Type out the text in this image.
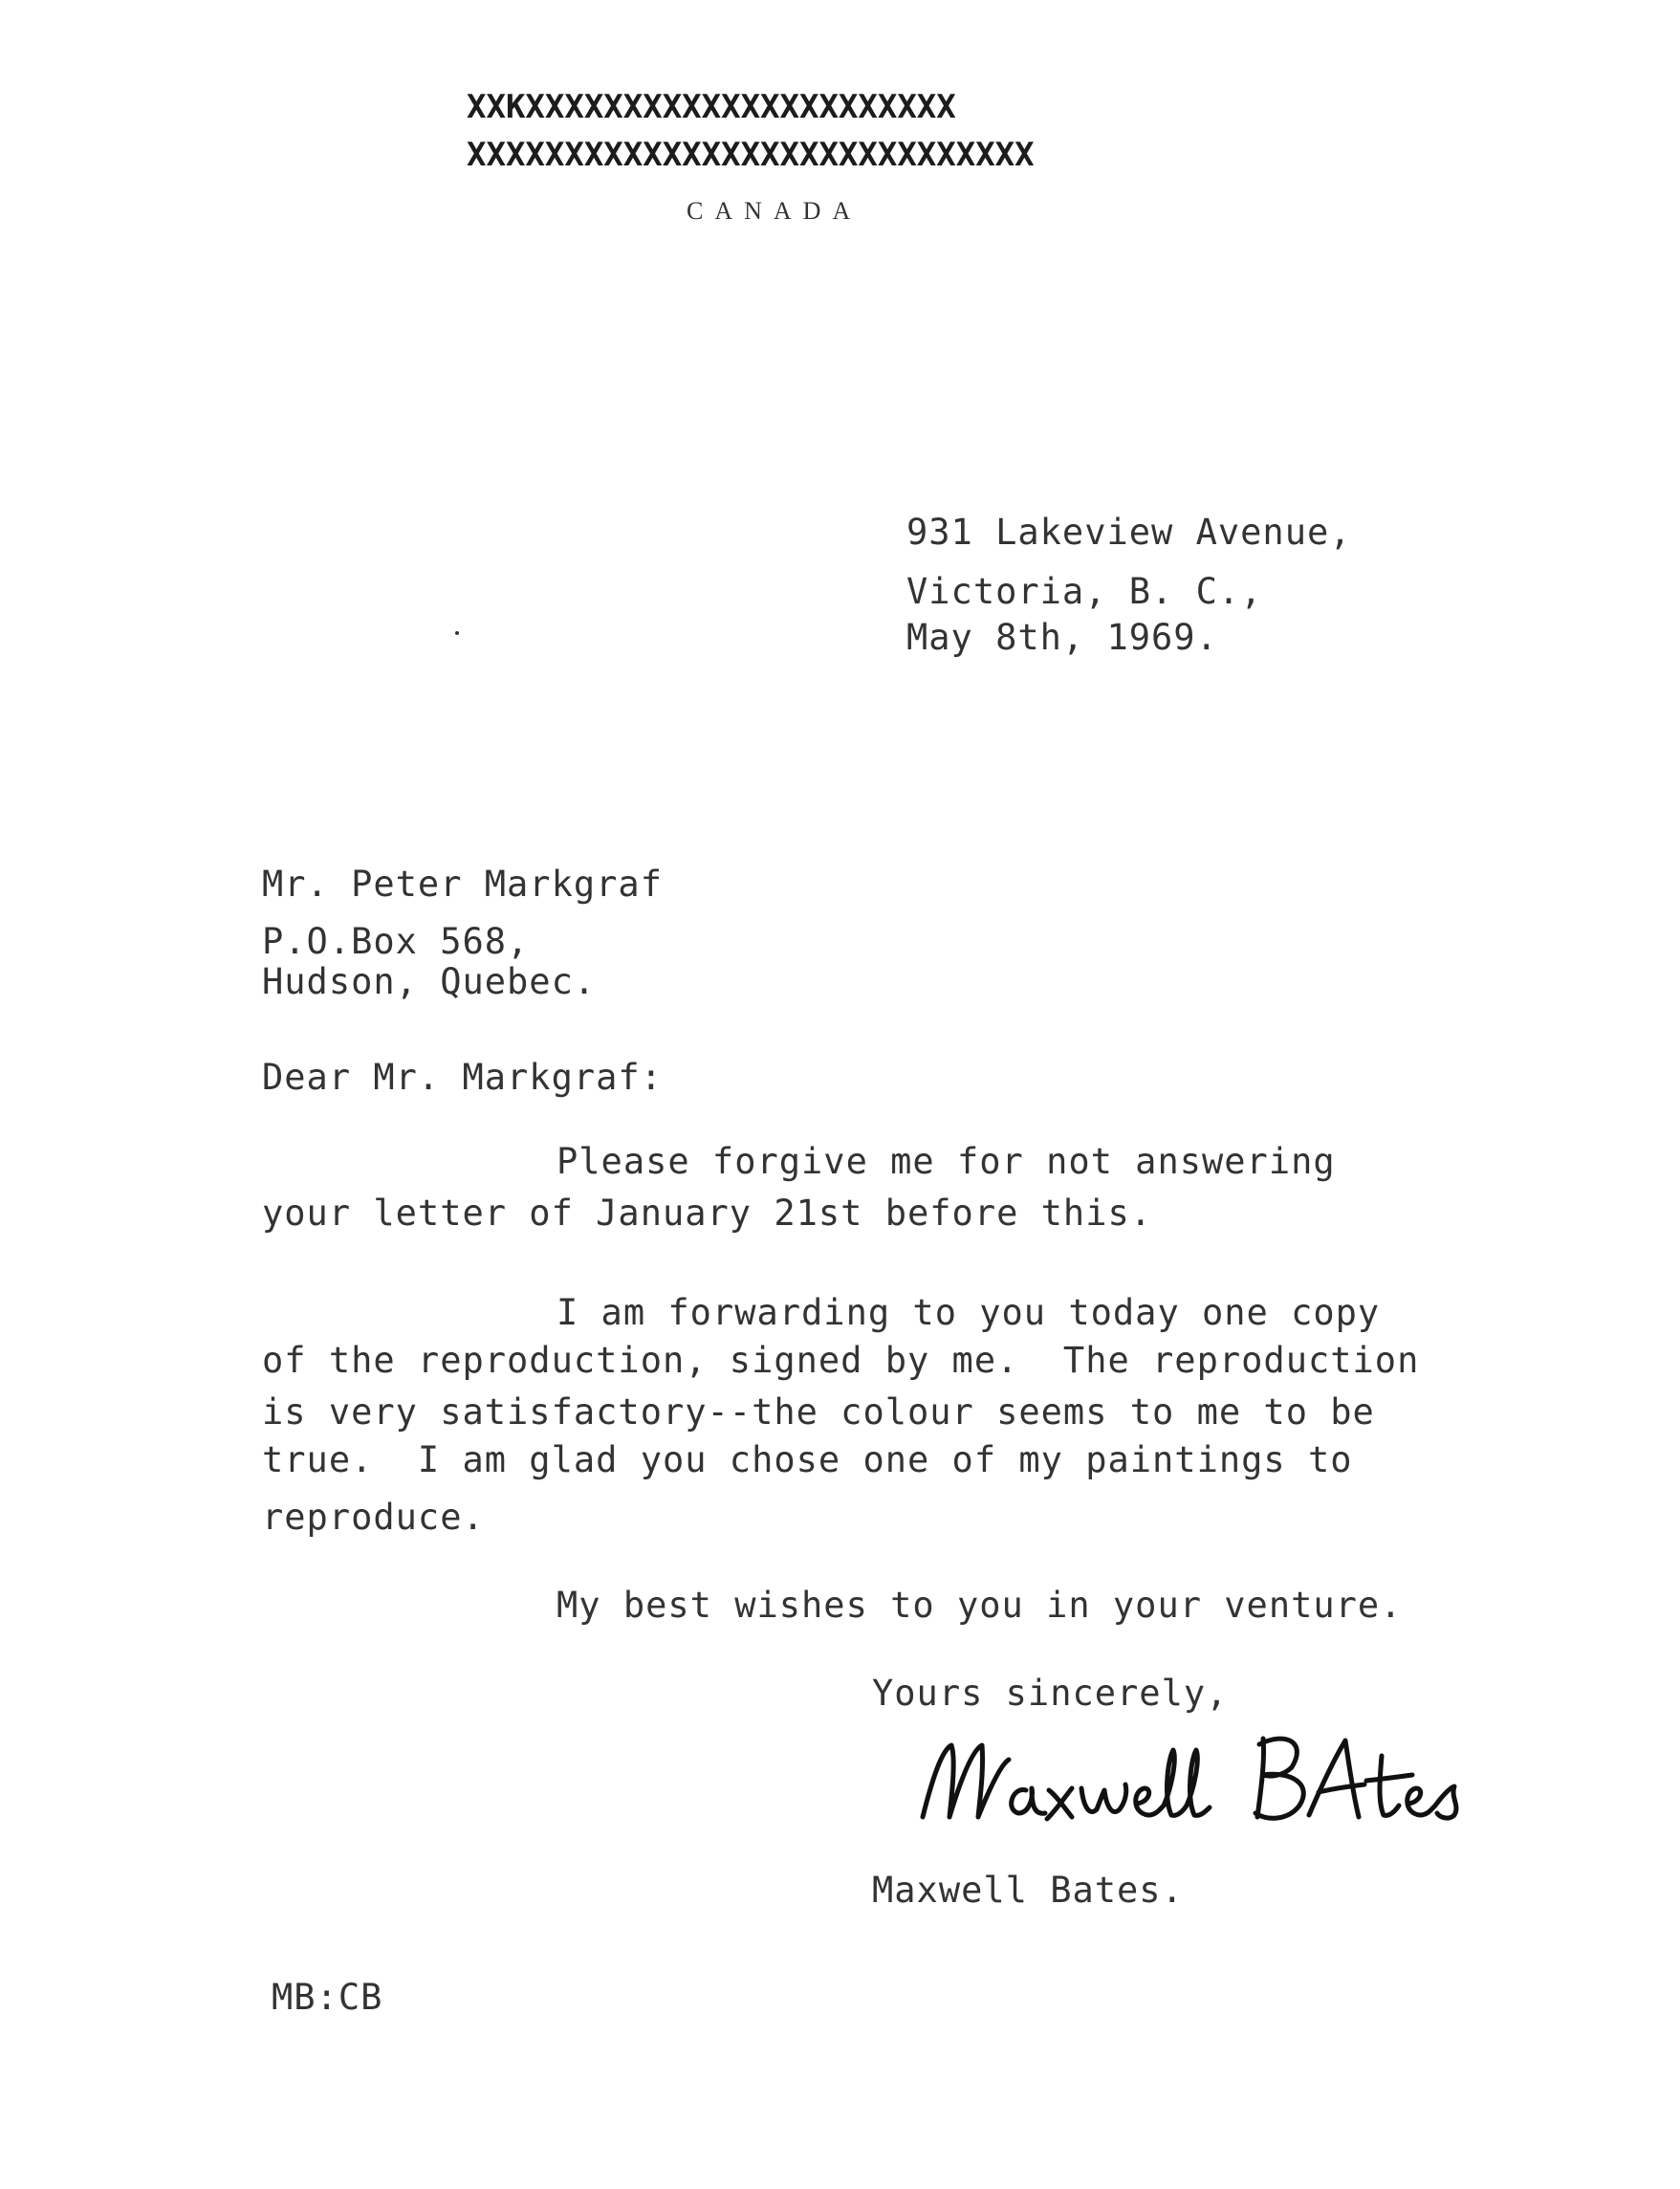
XXKXXXXXXXXXXXXXXXXXXXXXX
XXXXXXXXXXXXXXXXXXXXXXXXXXXXX
CANADA
931 Lakeview Avenue,
Victoria, B. C.,
May 8th, 1969.
Mr. Peter Markgraf
P.O.Box 568,
Hudson, Quebec.
Dear Mr. Markgraf:
Please forgive me for not answering
your letter of January 21st before this.
I am forwarding to you today one copy
of the reproduction, signed by me.  The reproduction
is very satisfactory--the colour seems to me to be
true.  I am glad you chose one of my paintings to
reproduce.
My best wishes to you in your venture.
Yours sincerely,
Maxwell Bates.
MB:CB
